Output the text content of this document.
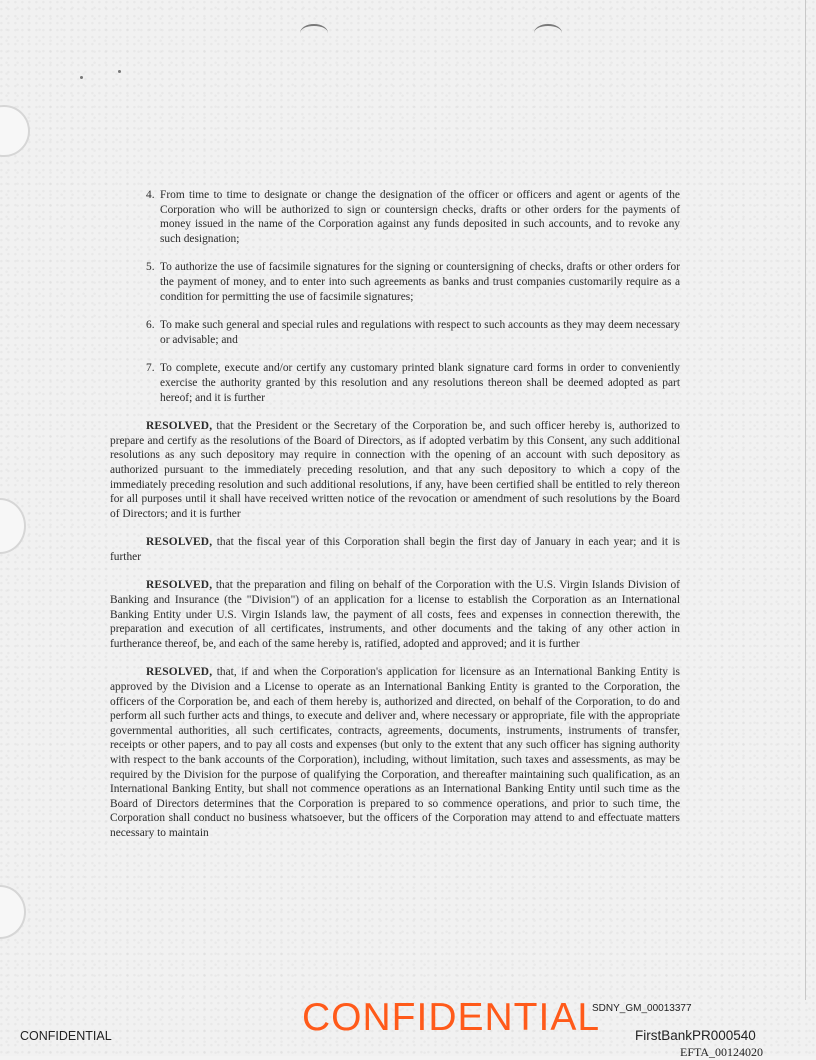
4. From time to time to designate or change the designation of the officer or officers and agent or agents of the Corporation who will be authorized to sign or countersign checks, drafts or other orders for the payments of money issued in the name of the Corporation against any funds deposited in such accounts, and to revoke any such designation;
5. To authorize the use of facsimile signatures for the signing or countersigning of checks, drafts or other orders for the payment of money, and to enter into such agreements as banks and trust companies customarily require as a condition for permitting the use of facsimile signatures;
6. To make such general and special rules and regulations with respect to such accounts as they may deem necessary or advisable; and
7. To complete, execute and/or certify any customary printed blank signature card forms in order to conveniently exercise the authority granted by this resolution and any resolutions thereon shall be deemed adopted as part hereof; and it is further

RESOLVED, that the President or the Secretary of the Corporation be, and such officer hereby is, authorized to prepare and certify as the resolutions of the Board of Directors, as if adopted verbatim by this Consent, any such additional resolutions as any such depository may require in connection with the opening of an account with such depository as authorized pursuant to the immediately preceding resolution, and that any such depository to which a copy of the immediately preceding resolution and such additional resolutions, if any, have been certified shall be entitled to rely thereon for all purposes until it shall have received written notice of the revocation or amendment of such resolutions by the Board of Directors; and it is further

RESOLVED, that the fiscal year of this Corporation shall begin the first day of January in each year; and it is further

RESOLVED, that the preparation and filing on behalf of the Corporation with the U.S. Virgin Islands Division of Banking and Insurance (the "Division") of an application for a license to establish the Corporation as an International Banking Entity under U.S. Virgin Islands law, the payment of all costs, fees and expenses in connection therewith, the preparation and execution of all certificates, instruments, and other documents and the taking of any other action in furtherance thereof, be, and each of the same hereby is, ratified, adopted and approved; and it is further

RESOLVED, that, if and when the Corporation's application for licensure as an International Banking Entity is approved by the Division and a License to operate as an International Banking Entity is granted to the Corporation, the officers of the Corporation be, and each of them hereby is, authorized and directed, on behalf of the Corporation, to do and perform all such further acts and things, to execute and deliver and, where necessary or appropriate, file with the appropriate governmental authorities, all such certificates, contracts, agreements, documents, instruments, instruments of transfer, receipts or other papers, and to pay all costs and expenses (but only to the extent that any such officer has signing authority with respect to the bank accounts of the Corporation), including, without limitation, such taxes and assessments, as may be required by the Division for the purpose of qualifying the Corporation, and thereafter maintaining such qualification, as an International Banking Entity, but shall not commence operations as an International Banking Entity until such time as the Board of Directors determines that the Corporation is prepared to so commence operations, and prior to such time, the Corporation shall conduct no business whatsoever, but the officers of the Corporation may attend to and effectuate matters necessary to maintain

SDNY_GM_00013377
CONFIDENTIAL	CONFIDENTIAL	FirstBankPR000540
EFTA_00124020
